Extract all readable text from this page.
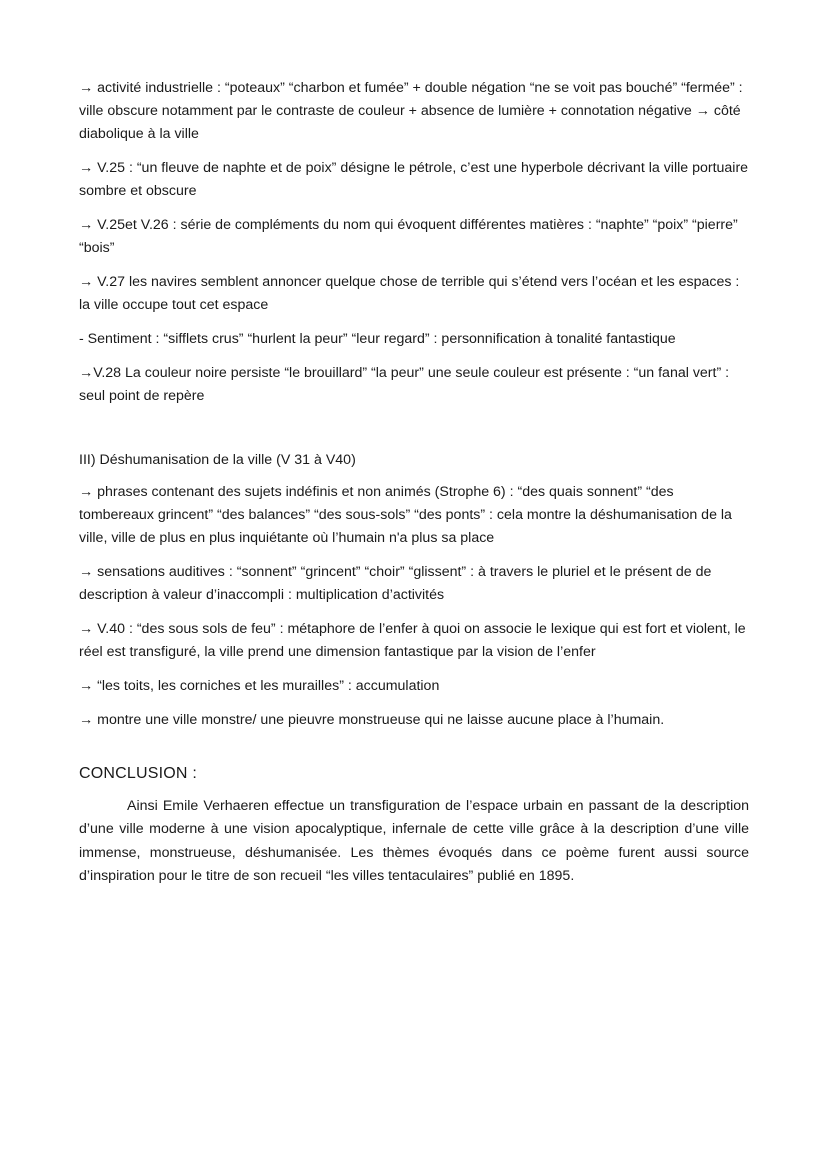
→ activité industrielle : “poteaux” “charbon et fumée” + double négation “ne se voit pas bouché” “fermée” : ville obscure notamment par le contraste de couleur + absence de lumière + connotation négative → côté diabolique à la ville

→ V.25 : “un fleuve de naphte et de poix” désigne le pétrole, c’est une hyperbole décrivant la ville portuaire sombre et obscure

→ V.25et V.26 : série de compléments du nom qui évoquent différentes matières : “naphte” “poix” “pierre” “bois”

→ V.27 les navires semblent annoncer quelque chose de terrible qui s’étend vers l’océan et les espaces : la ville occupe tout cet espace

- Sentiment : “sifflets crus” “hurlent la peur” “leur regard” : personnification à tonalité fantastique

→V.28 La couleur noire persiste “le brouillard” “la peur” une seule couleur est présente : “un fanal vert” : seul point de repère

III) Déshumanisation de la ville (V 31 à V40)

→ phrases contenant des sujets indéfinis et non animés (Strophe 6) : “des quais sonnent” “des tombereaux grincent” “des balances” “des sous-sols” “des ponts” : cela montre la déshumanisation de la ville, ville de plus en plus inquiétante où l’humain n'a plus sa place

→ sensations auditives : “sonnent” “grincent” “choir” “glissent” : à travers le pluriel et le présent de de description à valeur d’inaccompli : multiplication d’activités

→ V.40 : “des sous sols de feu” : métaphore de l’enfer à quoi on associe le lexique qui est fort et violent, le réel est transfiguré, la ville prend une dimension fantastique par la vision de l’enfer

→ “les toits, les corniches et les murailles” : accumulation

→ montre une ville monstre/ une pieuvre monstrueuse qui ne laisse aucune place à l’humain.

CONCLUSION :

Ainsi Emile Verhaeren effectue un transfiguration de l’espace urbain en passant de la description d’une ville moderne à une vision apocalyptique, infernale de cette ville grâce à la description d’une ville immense, monstrueuse, déshumanisée. Les thèmes évoqués dans ce poème furent aussi source d’inspiration pour le titre de son recueil “les villes tentaculaires” publié en 1895.
